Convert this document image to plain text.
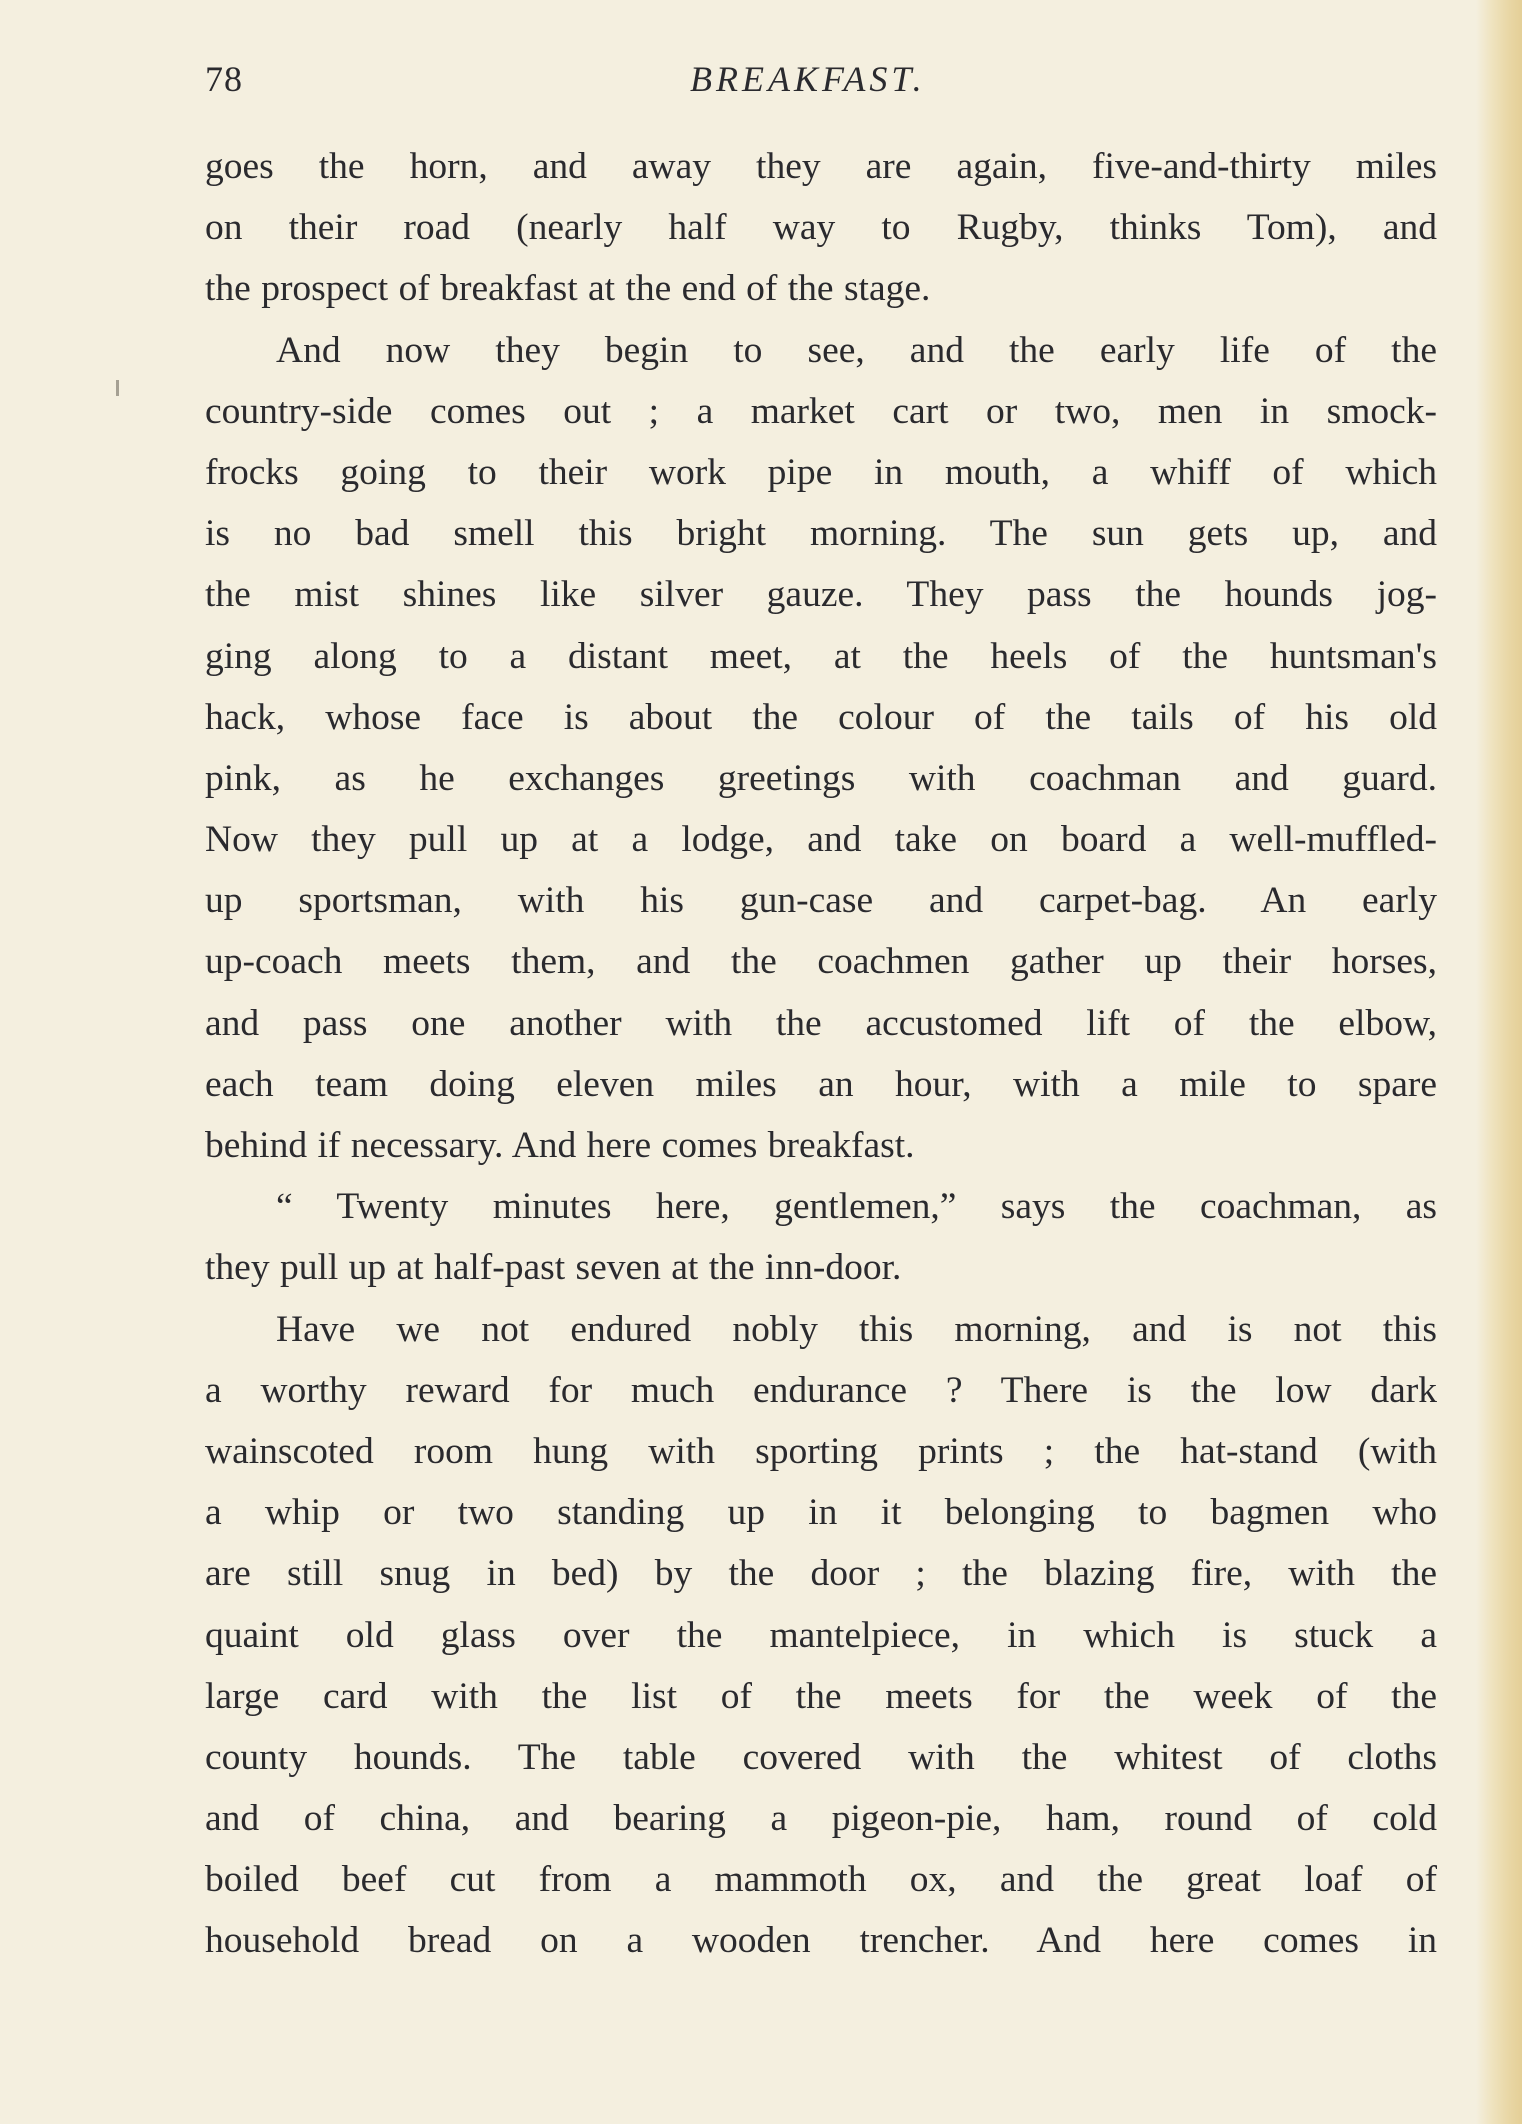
78	BREAKFAST.
goes the horn, and away they are again, five-and-thirty miles
on their road (nearly half way to Rugby, thinks Tom), and
the prospect of breakfast at the end of the stage.
And now they begin to see, and the early life of the
country-side comes out ; a market cart or two, men in smock-
frocks going to their work pipe in mouth, a whiff of which
is no bad smell this bright morning. The sun gets up, and
the mist shines like silver gauze. They pass the hounds jog-
ging along to a distant meet, at the heels of the huntsman's
hack, whose face is about the colour of the tails of his old
pink, as he exchanges greetings with coachman and guard.
Now they pull up at a lodge, and take on board a well-muffled-
up sportsman, with his gun-case and carpet-bag. An early
up-coach meets them, and the coachmen gather up their horses,
and pass one another with the accustomed lift of the elbow,
each team doing eleven miles an hour, with a mile to spare
behind if necessary. And here comes breakfast.
“ Twenty minutes here, gentlemen,” says the coachman, as
they pull up at half-past seven at the inn-door.
Have we not endured nobly this morning, and is not this
a worthy reward for much endurance ? There is the low dark
wainscoted room hung with sporting prints ; the hat-stand (with
a whip or two standing up in it belonging to bagmen who
are still snug in bed) by the door ; the blazing fire, with the
quaint old glass over the mantelpiece, in which is stuck a
large card with the list of the meets for the week of the
county hounds. The table covered with the whitest of cloths
and of china, and bearing a pigeon-pie, ham, round of cold
boiled beef cut from a mammoth ox, and the great loaf of
household bread on a wooden trencher. And here comes in
